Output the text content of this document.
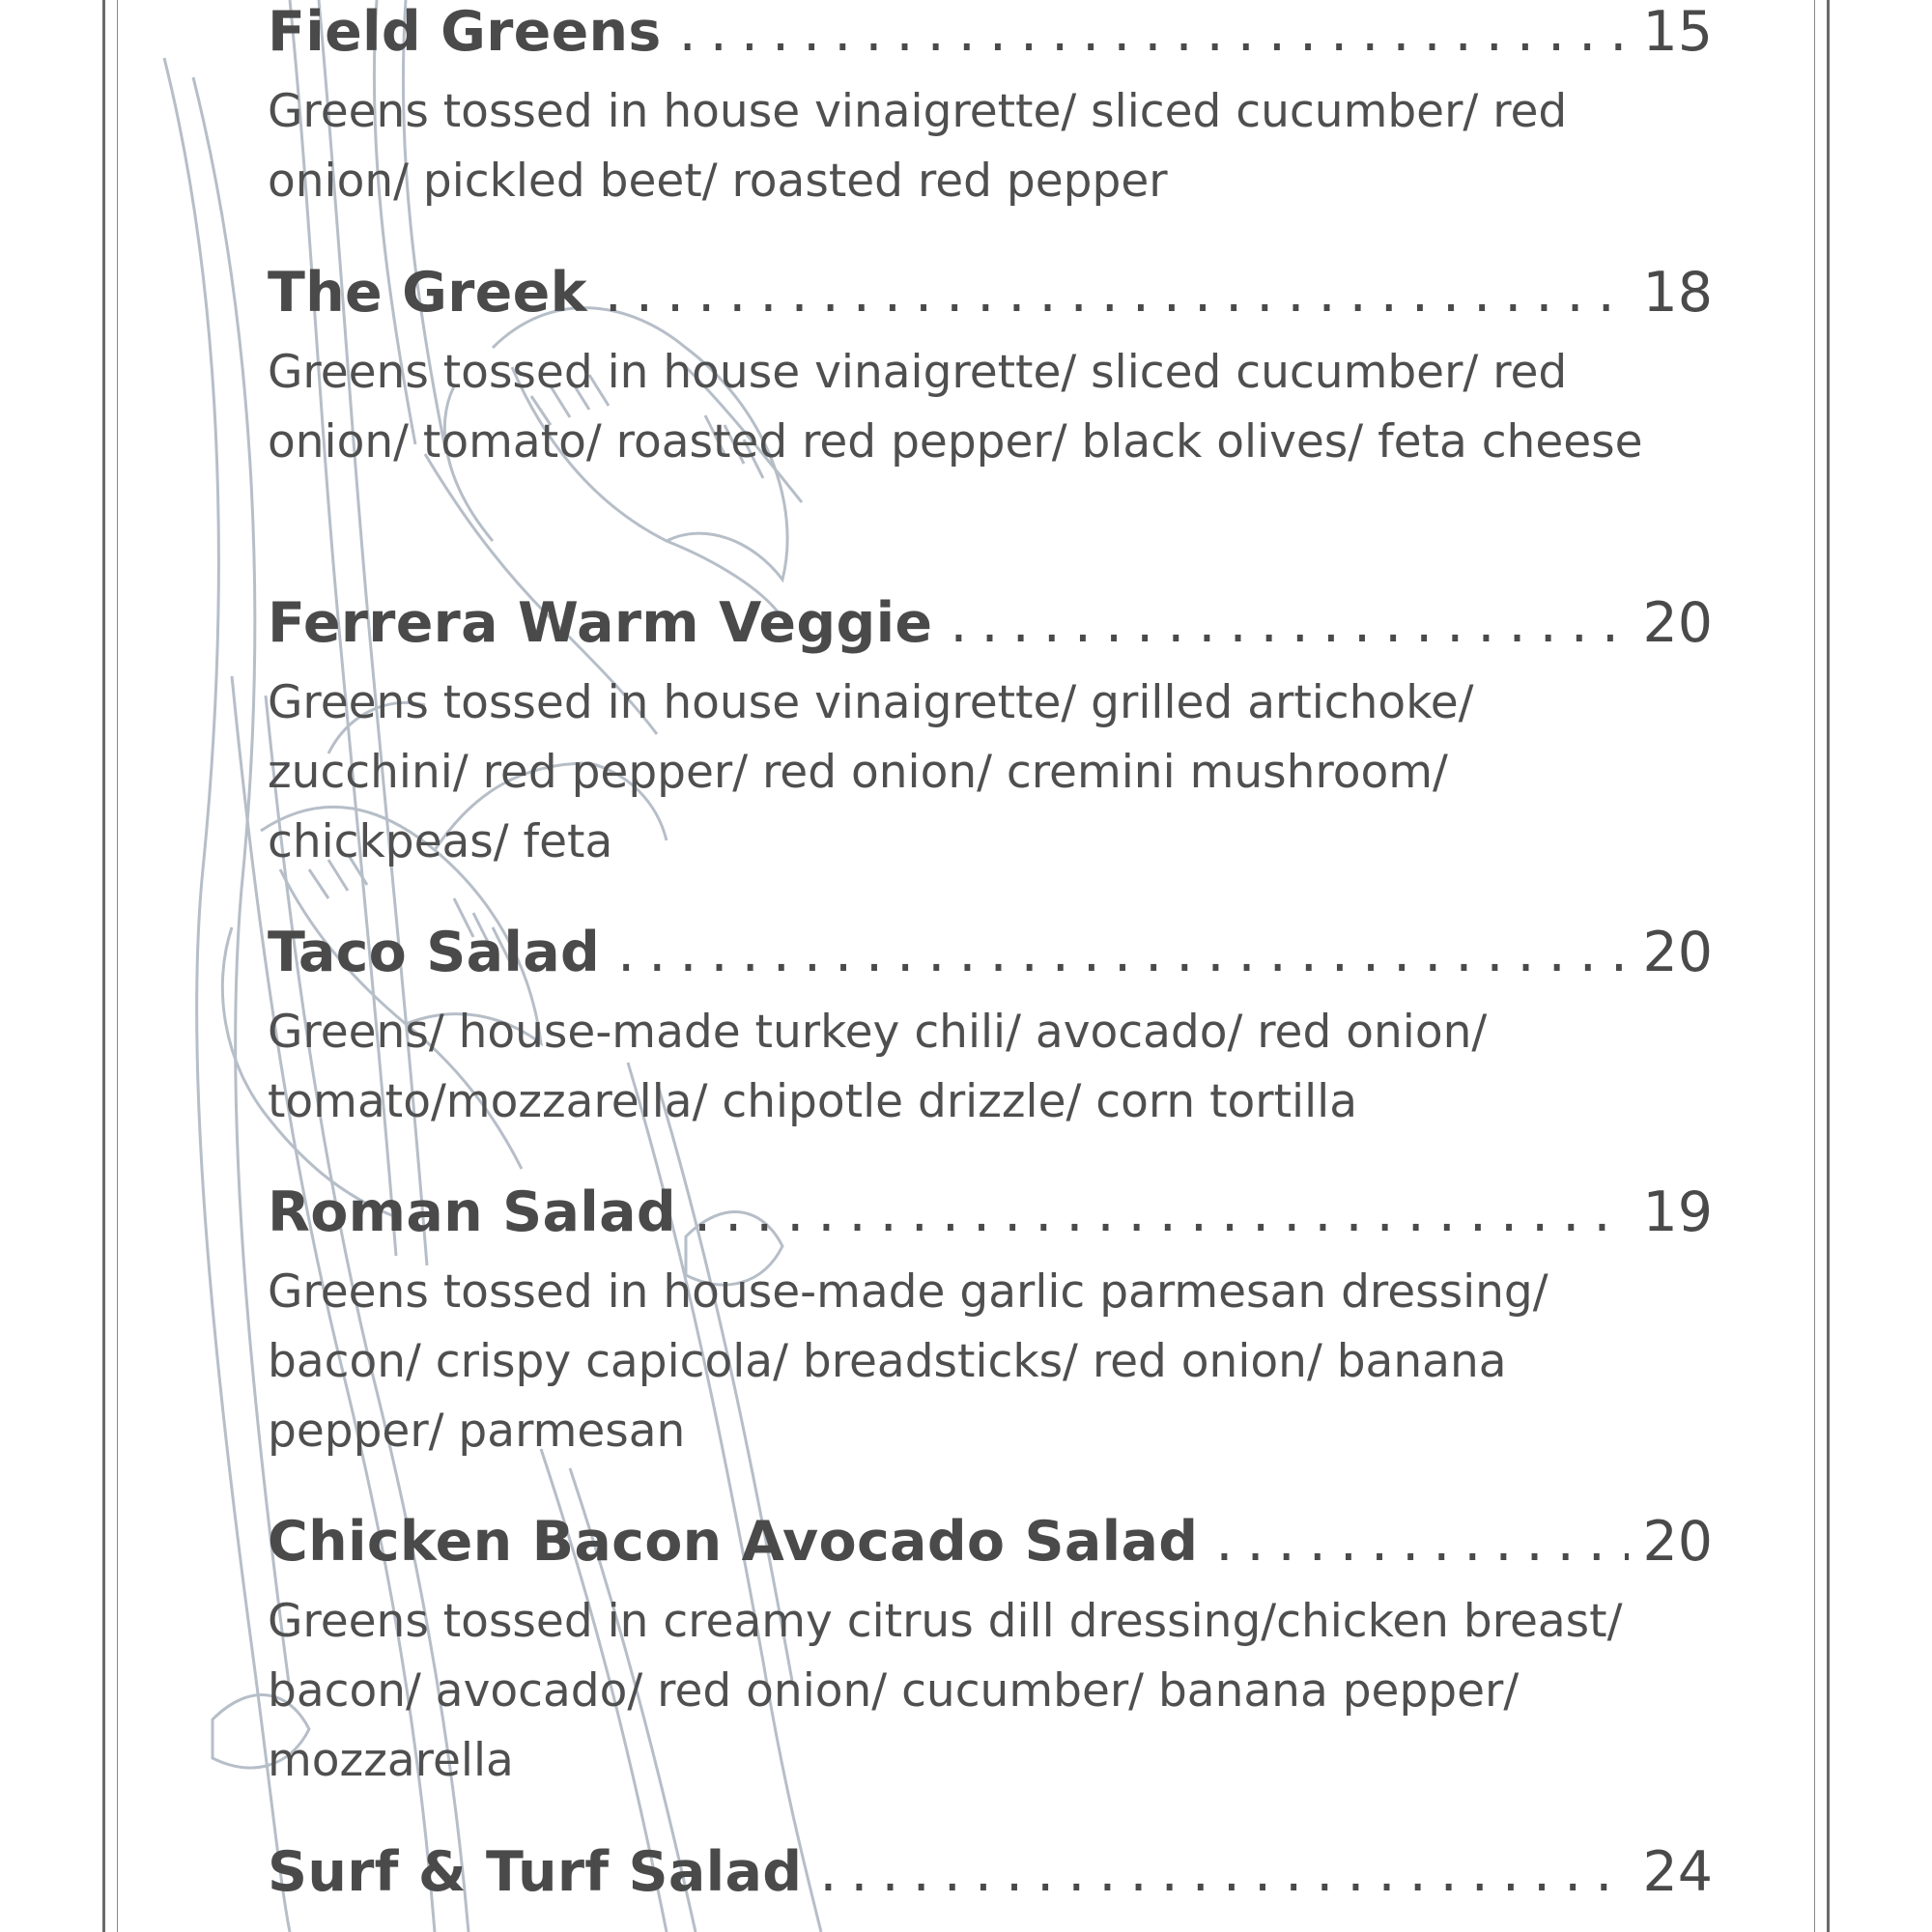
Field Greens .....	15
Greens tossed in house vinaigrette/ sliced cucumber/ red onion/ pickled beet/ roasted red pepper
The Greek .....	18
Greens tossed in house vinaigrette/ sliced cucumber/ red onion/ tomato/ roasted red pepper/ black olives/ feta cheese
Ferrera Warm Veggie .....	20
Greens tossed in house vinaigrette/ grilled artichoke/ zucchini/ red pepper/ red onion/ cremini mushroom/ chickpeas/ feta
Taco Salad .....	20
Greens/ house-made turkey chili/ avocado/ red onion/ tomato/mozzarella/ chipotle drizzle/ corn tortilla
Roman Salad .....	19
Greens tossed in house-made garlic parmesan dressing/ bacon/ crispy capicola/ breadsticks/ red onion/ banana pepper/ parmesan
Chicken Bacon Avocado Salad .....	20
Greens tossed in creamy citrus dill dressing/chicken breast/ bacon/ avocado/ red onion/ cucumber/ banana pepper/ mozzarella
Surf & Turf Salad .....	24
